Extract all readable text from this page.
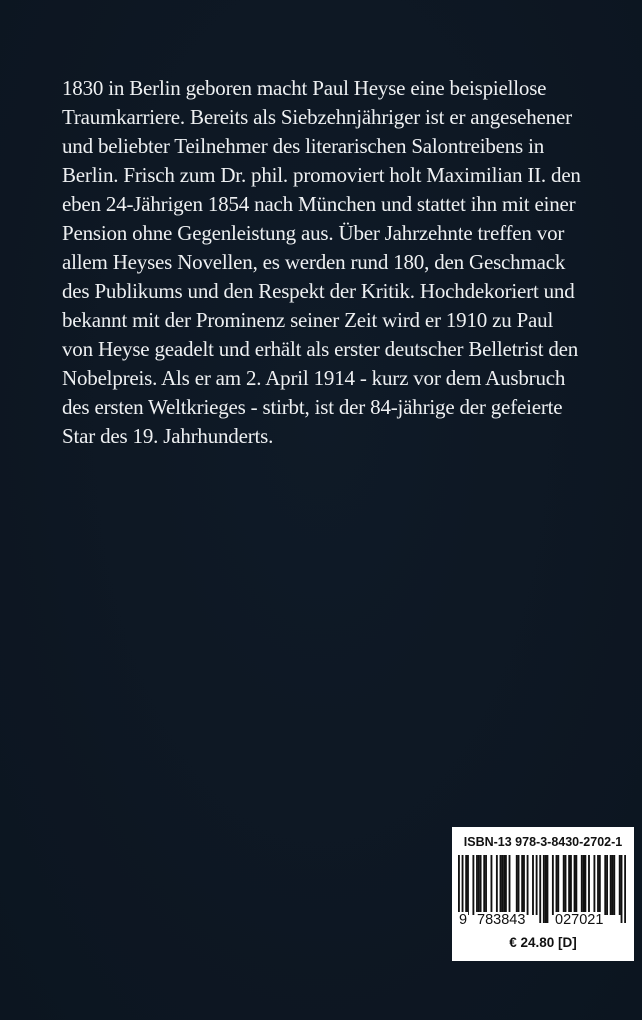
1830 in Berlin geboren macht Paul Heyse eine beispiellose
Traumkarriere. Bereits als Siebzehnjähriger ist er angesehener
und beliebter Teilnehmer des literarischen Salontreibens in
Berlin. Frisch zum Dr. phil. promoviert holt Maximilian II. den
eben 24-Jährigen 1854 nach München und stattet ihn mit einer
Pension ohne Gegenleistung aus. Über Jahrzehnte treffen vor
allem Heyses Novellen, es werden rund 180, den Geschmack
des Publikums und den Respekt der Kritik. Hochdekoriert und
bekannt mit der Prominenz seiner Zeit wird er 1910 zu Paul
von Heyse geadelt und erhält als erster deutscher Belletrist den
Nobelpreis. Als er am 2. April 1914 - kurz vor dem Ausbruch
des ersten Weltkrieges - stirbt, ist der 84-jährige der gefeierte
Star des 19. Jahrhunderts.
ISBN-13 978-3-8430-2702-1
9 783843 027021
€ 24.80 [D]
